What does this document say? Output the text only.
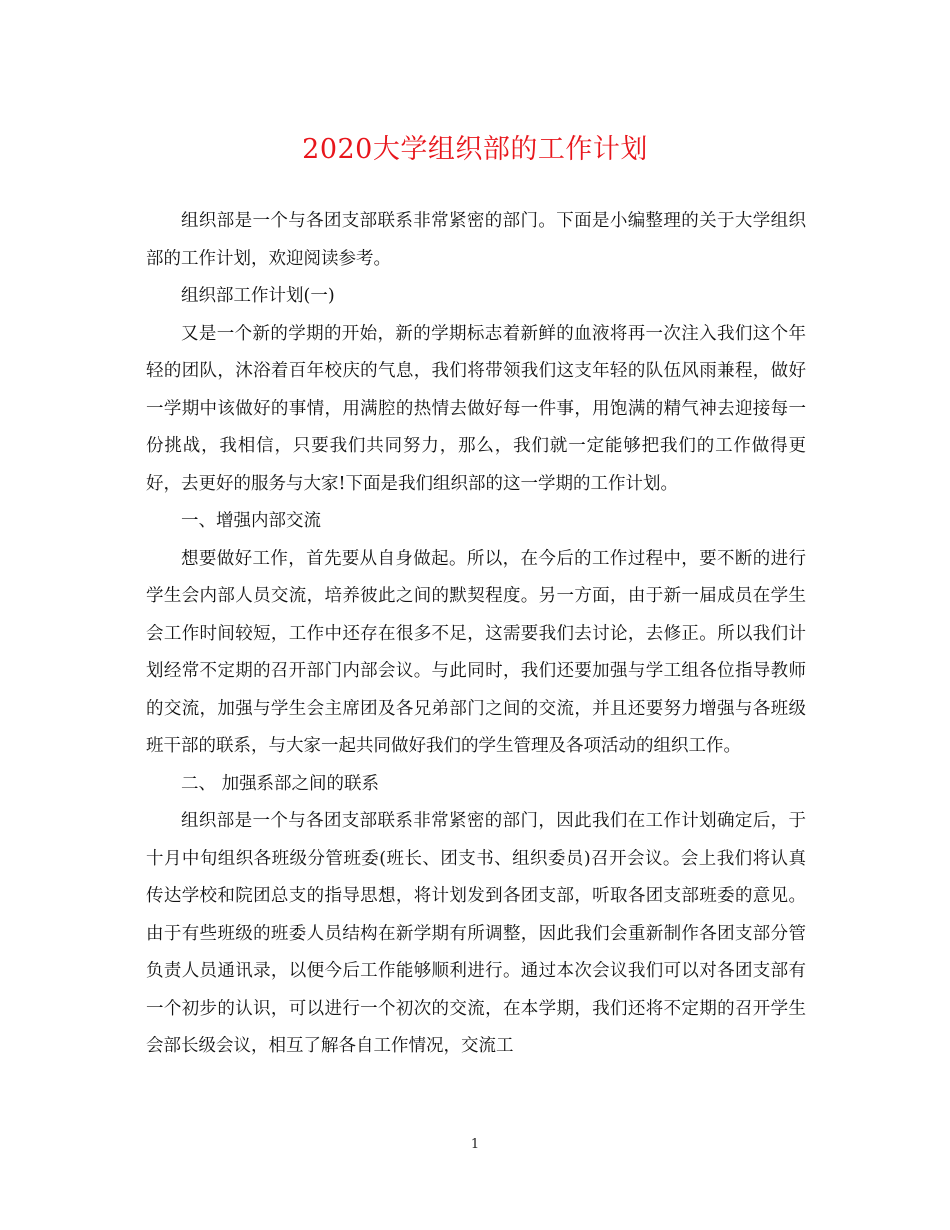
2020大学组织部的工作计划

组织部是一个与各团支部联系非常紧密的部门。下面是小编整理的关于大学组织部的工作计划，欢迎阅读参考。

组织部工作计划(一)

又是一个新的学期的开始，新的学期标志着新鲜的血液将再一次注入我们这个年轻的团队，沐浴着百年校庆的气息，我们将带领我们这支年轻的队伍风雨兼程，做好一学期中该做好的事情，用满腔的热情去做好每一件事，用饱满的精气神去迎接每一份挑战，我相信，只要我们共同努力，那么，我们就一定能够把我们的工作做得更好，去更好的服务与大家!下面是我们组织部的这一学期的工作计划。

一、增强内部交流

想要做好工作，首先要从自身做起。所以，在今后的工作过程中，要不断的进行学生会内部人员交流，培养彼此之间的默契程度。另一方面，由于新一届成员在学生会工作时间较短，工作中还存在很多不足，这需要我们去讨论，去修正。所以我们计划经常不定期的召开部门内部会议。与此同时，我们还要加强与学工组各位指导教师的交流，加强与学生会主席团及各兄弟部门之间的交流，并且还要努力增强与各班级班干部的联系，与大家一起共同做好我们的学生管理及各项活动的组织工作。

二、 加强系部之间的联系

组织部是一个与各团支部联系非常紧密的部门，因此我们在工作计划确定后，于十月中旬组织各班级分管班委(班长、团支书、组织委员)召开会议。会上我们将认真传达学校和院团总支的指导思想，将计划发到各团支部，听取各团支部班委的意见。由于有些班级的班委人员结构在新学期有所调整，因此我们会重新制作各团支部分管负责人员通讯录，以便今后工作能够顺利进行。通过本次会议我们可以对各团支部有一个初步的认识，可以进行一个初次的交流，在本学期，我们还将不定期的召开学生会部长级会议，相互了解各自工作情况，交流工

1
